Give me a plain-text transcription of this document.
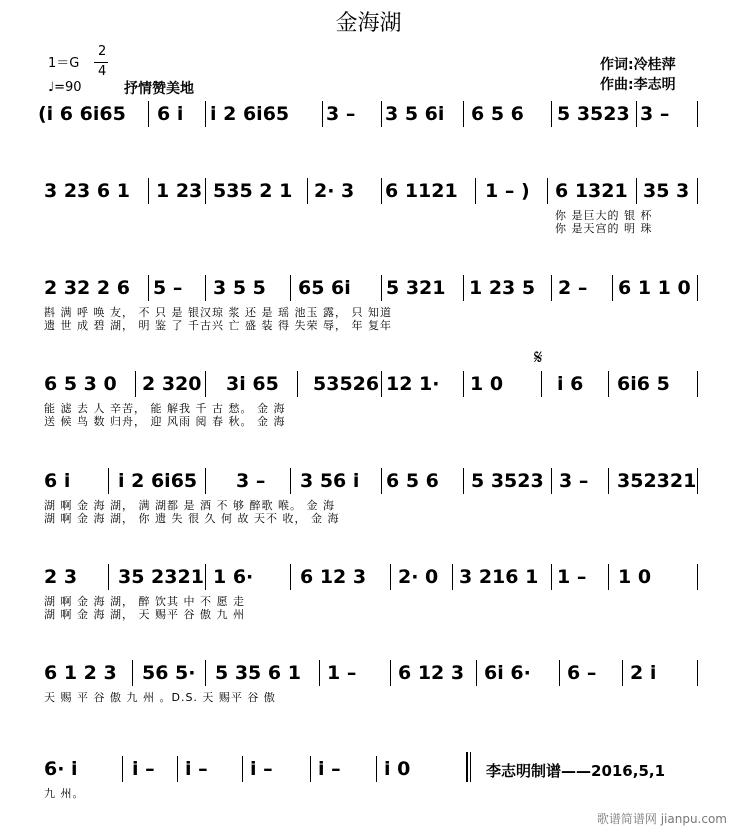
金海湖
1＝G
2
4
♩=90	抒情赞美地
作词:冷桂萍
作曲:李志明
(i 6 6i65 6 i i 2 6i65 3 – 3 5 6i 6 5 6 5 3523 3 –
3 23 6 1 1 23 535 2 1 2· 3 6 1121 1 – ) 6 1321 35 3
你 是巨大的 银 杯
你 是天宫的 明 珠
2 32 2 6 5 – 3 5 5 65 6i 5 321 1 23 5 2 – 6 1 1 0
斟 满 呼 唤 友， 不 只 是 银汉琼 浆 还 是 瑶 池玉 露， 只 知道
遗 世 成 碧 湖， 明 鉴 了 千古兴 亡 盛 装 得 失荣 辱， 年 复年
6 5 3 0 2 320 3i 65 53526 12 1· 1 0	i 6 6i6 5
能 滤 去 人 辛苦， 能 解我 千 古 愁。 金 海
送 候 鸟 数 归舟， 迎 风雨 阅 春 秋。 金 海
6 i	i 2 6i65 3 – 3 56 i 6 5 6 5 3523 3 – 352321
湖 啊 金 海 湖， 满 湖都 是 酒 不 够 醉歌 喉。 金 海
湖 啊 金 海 湖， 你 遗 失 很 久 何 故 天不 收， 金 海
2 3 35 2321 1 6· 6 12 3 2· 0 3 216 1 1 – 1 0
湖 啊 金 海 湖， 醉 饮其 中 不 愿 走
湖 啊 金 海 湖， 天 赐平 谷 傲 九 州
6 1 2 3 56 5· 5 35 6 1 1 – 6 12 3 6i 6· 6 – 2 i
天 赐 平 谷 傲 九 州 。D.S. 天 赐平 谷 傲
6· i	i – i – i – i – i 0
九 州。
𝄋
李志明制谱——2016,5,1
歌谱简谱网 jianpu.com
